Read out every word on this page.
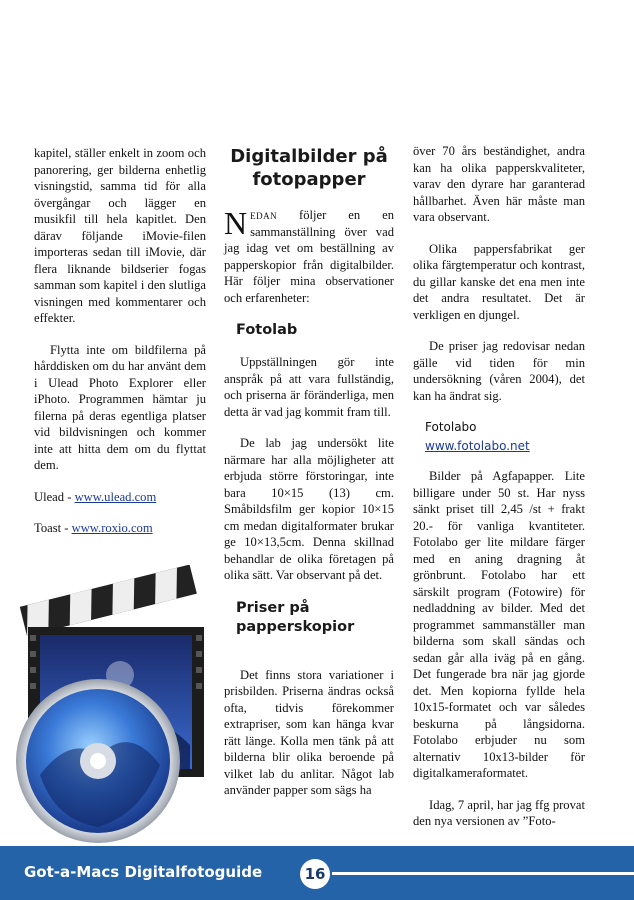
kapitel, ställer enkelt in zoom och panorering, ger bilderna enhetlig visningstid, samma tid för alla övergångar och lägger en musikfil till hela kapitlet. Den därav följande iMovie-filen importeras sedan till iMovie, där flera liknande bildserier fogas samman som kapitel i den slutliga visningen med kommentarer och effekter.

Flytta inte om bildfilerna på hårddisken om du har använt dem i Ulead Photo Explorer eller iPhoto. Programmen hämtar ju filerna på deras egentliga platser vid bildvisningen och kommer inte att hitta dem om du flyttat dem.

Ulead - www.ulead.com

Toast - www.roxio.com

Digitalbilder på fotopapper

Nedan följer en en sammanställning över vad jag idag vet om beställning av papperskopior från digitalbilder. Här följer mina observationer och erfarenheter:

Fotolab

Uppställningen gör inte anspråk på att vara fullständig, och priserna är föränderliga, men detta är vad jag kommit fram till.

De lab jag undersökt lite närmare har alla möjligheter att erbjuda större förstoringar, inte bara 10×15 (13) cm. Småbildsfilm ger kopior 10×15 cm medan digitalformater brukar ge 10×13,5cm. Denna skillnad behandlar de olika företagen på olika sätt. Var observant på det.

Priser på papperskopior

Det finns stora variationer i prisbilden. Priserna ändras också ofta, tidvis förekommer extrapriser, som kan hänga kvar rätt länge. Kolla men tänk på att bilderna blir olika beroende på vilket lab du anlitar. Något lab använder papper som sägs ha

över 70 års beständighet, andra kan ha olika papperskvaliteter, varav den dyrare har garanterad hållbarhet. Även här måste man vara observant.

Olika pappersfabrikat ger olika färgtemperatur och kontrast, du gillar kanske det ena men inte det andra resultatet. Det är verkligen en djungel.

De priser jag redovisar nedan gälle vid tiden för min undersökning (våren 2004), det kan ha ändrat sig.

Fotolabo
www.fotolabo.net

Bilder på Agfapapper. Lite billigare under 50 st. Har nyss sänkt priset till 2,45 /st + frakt 20.- för vanliga kvantiteter. Fotolabo ger lite mildare färger med en aning dragning åt grönbrunt. Fotolabo har ett särskilt program (Fotowire) för nedladdning av bilder. Med det programmet sammanställer man bilderna som skall sändas och sedan går alla iväg på en gång. Det fungerade bra när jag gjorde det. Men kopiorna fyllde hela 10x15-formatet och var således beskurna på långsidorna. Fotolabo erbjuder nu som alternativ 10x13-bilder för digitalkameraformatet.

Idag, 7 april, har jag ffg provat den nya versionen av ”Foto-

Got-a-Macs Digitalfotoguide	16
